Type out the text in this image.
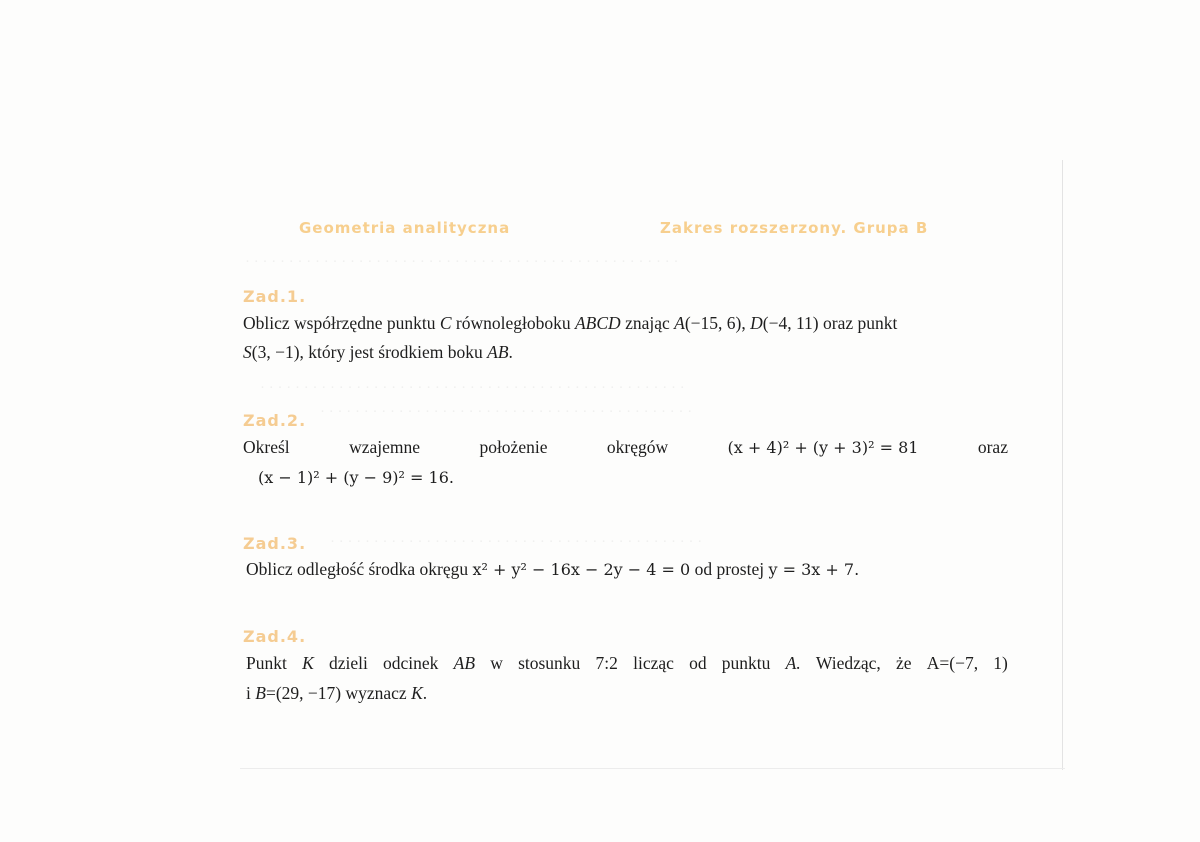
· · · · · · · · · · · · · · · · · · · · · · · · · · · · · · · · · · · · · · · · · · · · · · · · · ·
· · · · · · · · · · · · · · · · · · · · · · · · · · · · · · · · · · · · · · · · · · · · · · · · ·
· · · · · · · · · · · · · · · · · · · · · · · · · · · · · · · · · · · · · · · · · · ·
· · · · · · · · · · · · · · · · · · · · · · · · · · · · · · · · · · · · · · · · · · ·
Geometria analityczna	Zakres rozszerzony. Grupa B
Zad.1.
Oblicz współrzędne punktu C równoległoboku ABCD znając A(−15, 6), D(−4, 11) oraz punkt
S(3, −1), który jest środkiem boku AB.
Zad.2.
Określ	wzajemne	położenie	okręgów	(x + 4)² + (y + 3)² = 81	oraz
(x − 1)² + (y − 9)² = 16.
Zad.3.
Oblicz odległość środka okręgu x² + y² − 16x − 2y − 4 = 0 od prostej y = 3x + 7.
Zad.4.
Punkt K dzieli odcinek AB w stosunku 7:2 licząc od punktu A. Wiedząc, że A=(−7, 1)
i B=(29, −17) wyznacz K.
